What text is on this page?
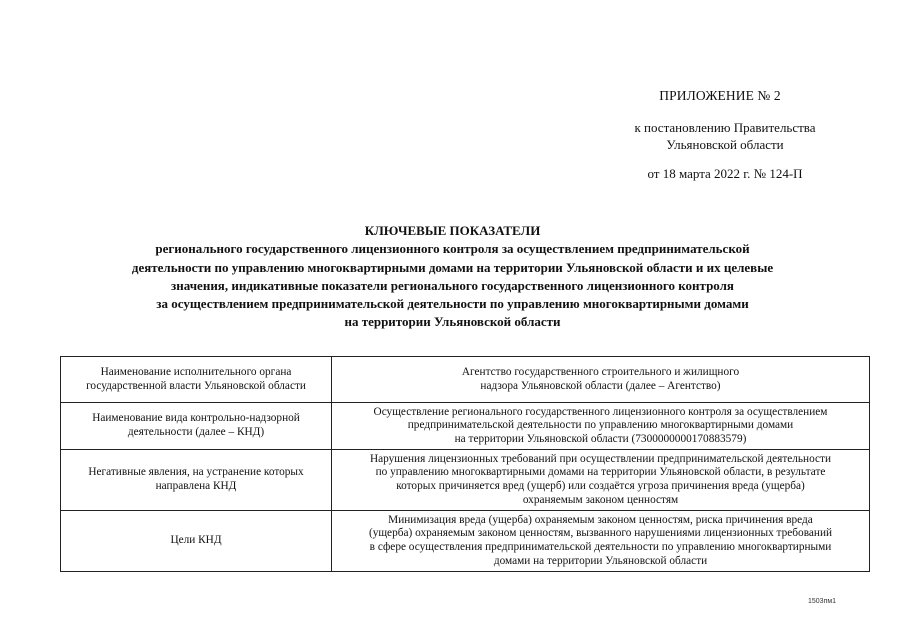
ПРИЛОЖЕНИЕ № 2
к постановлению Правительства
Ульяновской области
от 18 марта 2022 г. № 124-П
КЛЮЧЕВЫЕ ПОКАЗАТЕЛИ
регионального государственного лицензионного контроля за осуществлением предпринимательской
деятельности по управлению многоквартирными домами на территории Ульяновской области и их целевые
значения, индикативные показатели регионального государственного лицензионного контроля
за осуществлением предпринимательской деятельности по управлению многоквартирными домами
на территории Ульяновской области
Наименование исполнительного органа государственной власти Ульяновской области	Агентство государственного строительного и жилищного
надзора Ульяновской области (далее – Агентство)

Наименование вида контрольно-надзорной деятельности (далее – КНД)	Осуществление регионального государственного лицензионного контроля за осуществлением
предпринимательской деятельности по управлению многоквартирными домами
на территории Ульяновской области (7300000000170883579)

Негативные явления, на устранение которых направлена КНД	Нарушения лицензионных требований при осуществлении предпринимательской деятельности
по управлению многоквартирными домами на территории Ульяновской области, в результате
которых причиняется вред (ущерб) или создаётся угроза причинения вреда (ущерба)
охраняемым законом ценностям

Цели КНД	Минимизация вреда (ущерба) охраняемым законом ценностям, риска причинения вреда
(ущерба) охраняемым законом ценностям, вызванного нарушениями лицензионных требований
в сфере осуществления предпринимательской деятельности по управлению многоквартирными
домами на территории Ульяновской области
1503пм1
